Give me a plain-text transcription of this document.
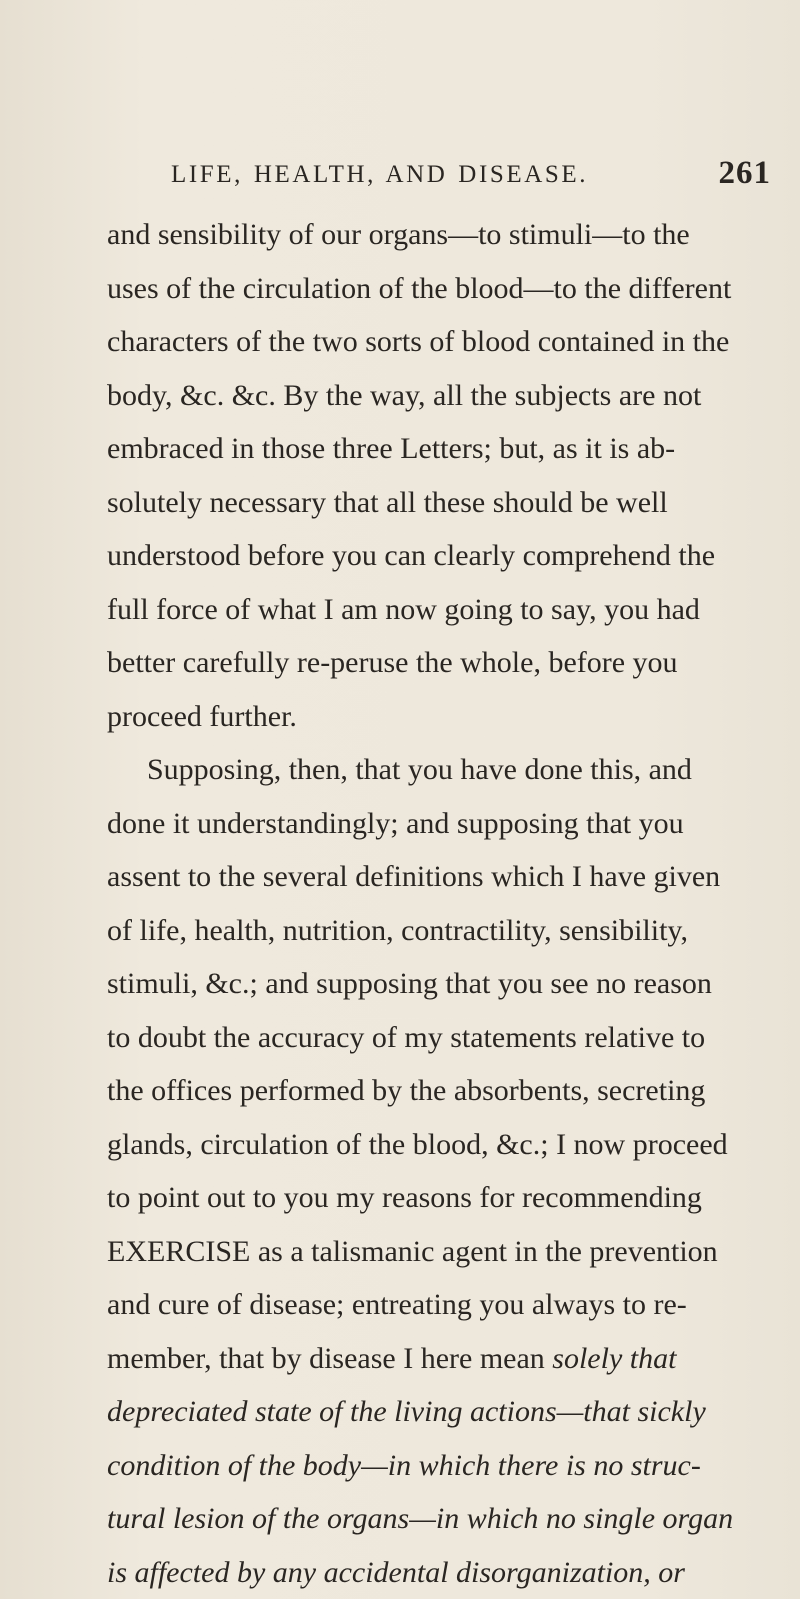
LIFE, HEALTH, AND DISEASE.	261
and sensibility of our organs—to stimuli—to the
uses of the circulation of the blood—to the different
characters of the two sorts of blood contained in the
body, &c. &c. By the way, all the subjects are not
embraced in those three Letters; but, as it is ab-
solutely necessary that all these should be well
understood before you can clearly comprehend the
full force of what I am now going to say, you had
better carefully re-peruse the whole, before you
proceed further.
Supposing, then, that you have done this, and
done it understandingly; and supposing that you
assent to the several definitions which I have given
of life, health, nutrition, contractility, sensibility,
stimuli, &c.; and supposing that you see no reason
to doubt the accuracy of my statements relative to
the offices performed by the absorbents, secreting
glands, circulation of the blood, &c.; I now proceed
to point out to you my reasons for recommending
EXERCISE as a talismanic agent in the prevention
and cure of disease; entreating you always to re-
member, that by disease I here mean solely that
depreciated state of the living actions—that sickly
condition of the body—in which there is no struc-
tural lesion of the organs—in which no single organ
is affected by any accidental disorganization, or
